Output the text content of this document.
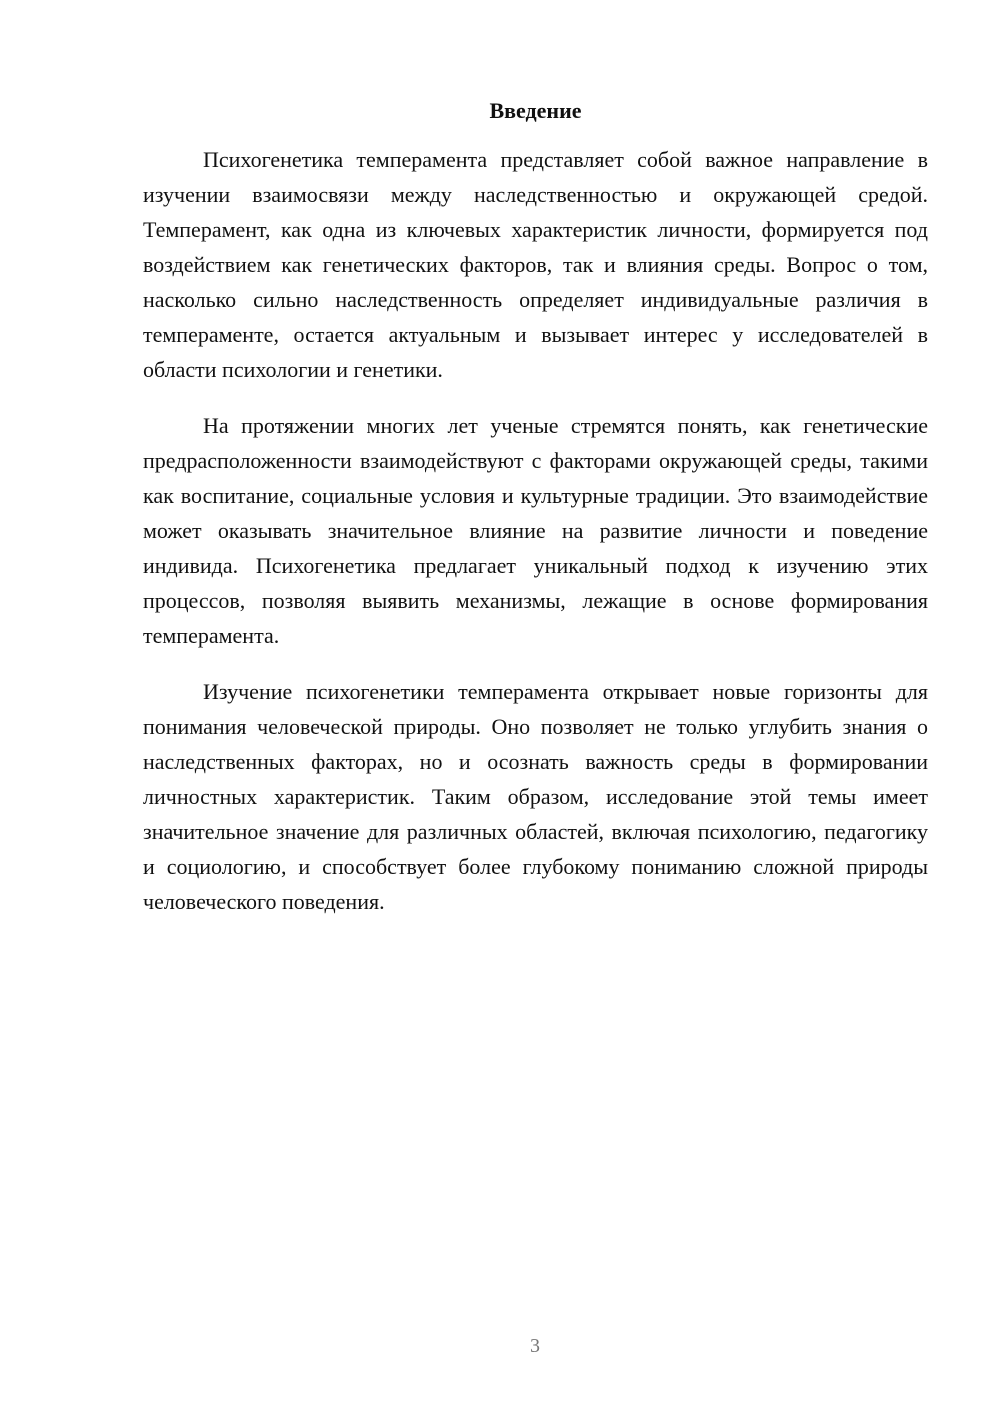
Введение

Психогенетика темперамента представляет собой важное направление в изучении взаимосвязи между наследственностью и окружающей средой. Темперамент, как одна из ключевых характеристик личности, формируется под воздействием как генетических факторов, так и влияния среды. Вопрос о том, насколько сильно наследственность определяет индивидуальные различия в темпераменте, остается актуальным и вызывает интерес у исследователей в области психологии и генетики.

На протяжении многих лет ученые стремятся понять, как генетические предрасположенности взаимодействуют с факторами окружающей среды, такими как воспитание, социальные условия и культурные традиции. Это взаимодействие может оказывать значительное влияние на развитие личности и поведение индивида. Психогенетика предлагает уникальный подход к изучению этих процессов, позволяя выявить механизмы, лежащие в основе формирования темперамента.

Изучение психогенетики темперамента открывает новые горизонты для понимания человеческой природы. Оно позволяет не только углубить знания о наследственных факторах, но и осознать важность среды в формировании личностных характеристик. Таким образом, исследование этой темы имеет значительное значение для различных областей, включая психологию, педагогику и социологию, и способствует более глубокому пониманию сложной природы человеческого поведения.

3
